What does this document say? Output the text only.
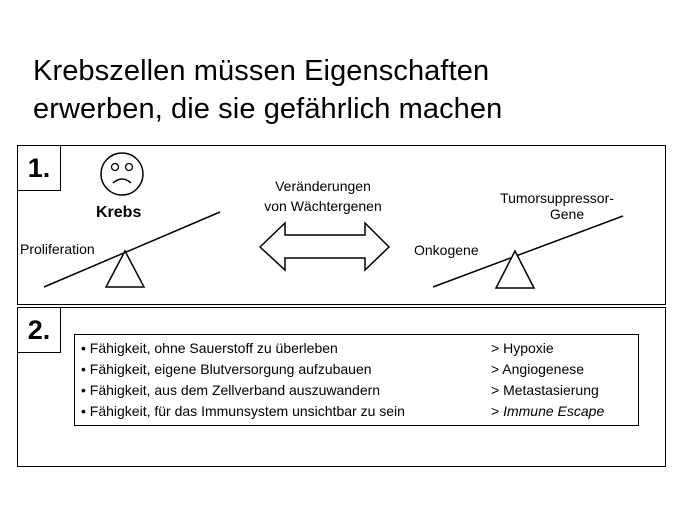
Krebszellen müssen Eigenschaften
erwerben, die sie gefährlich machen
1.
Krebs
Proliferation
Veränderungen
von Wächtergenen	Tumorsuppressor-
Gene
Onkogene
2.
• Fähigkeit, ohne Sauerstoff zu überleben	> Hypoxie
• Fähigkeit, eigene Blutversorgung aufzubauen	> Angiogenese
• Fähigkeit, aus dem Zellverband auszuwandern	> Metastasierung
• Fähigkeit, für das Immunsystem unsichtbar zu sein	> Immune Escape
